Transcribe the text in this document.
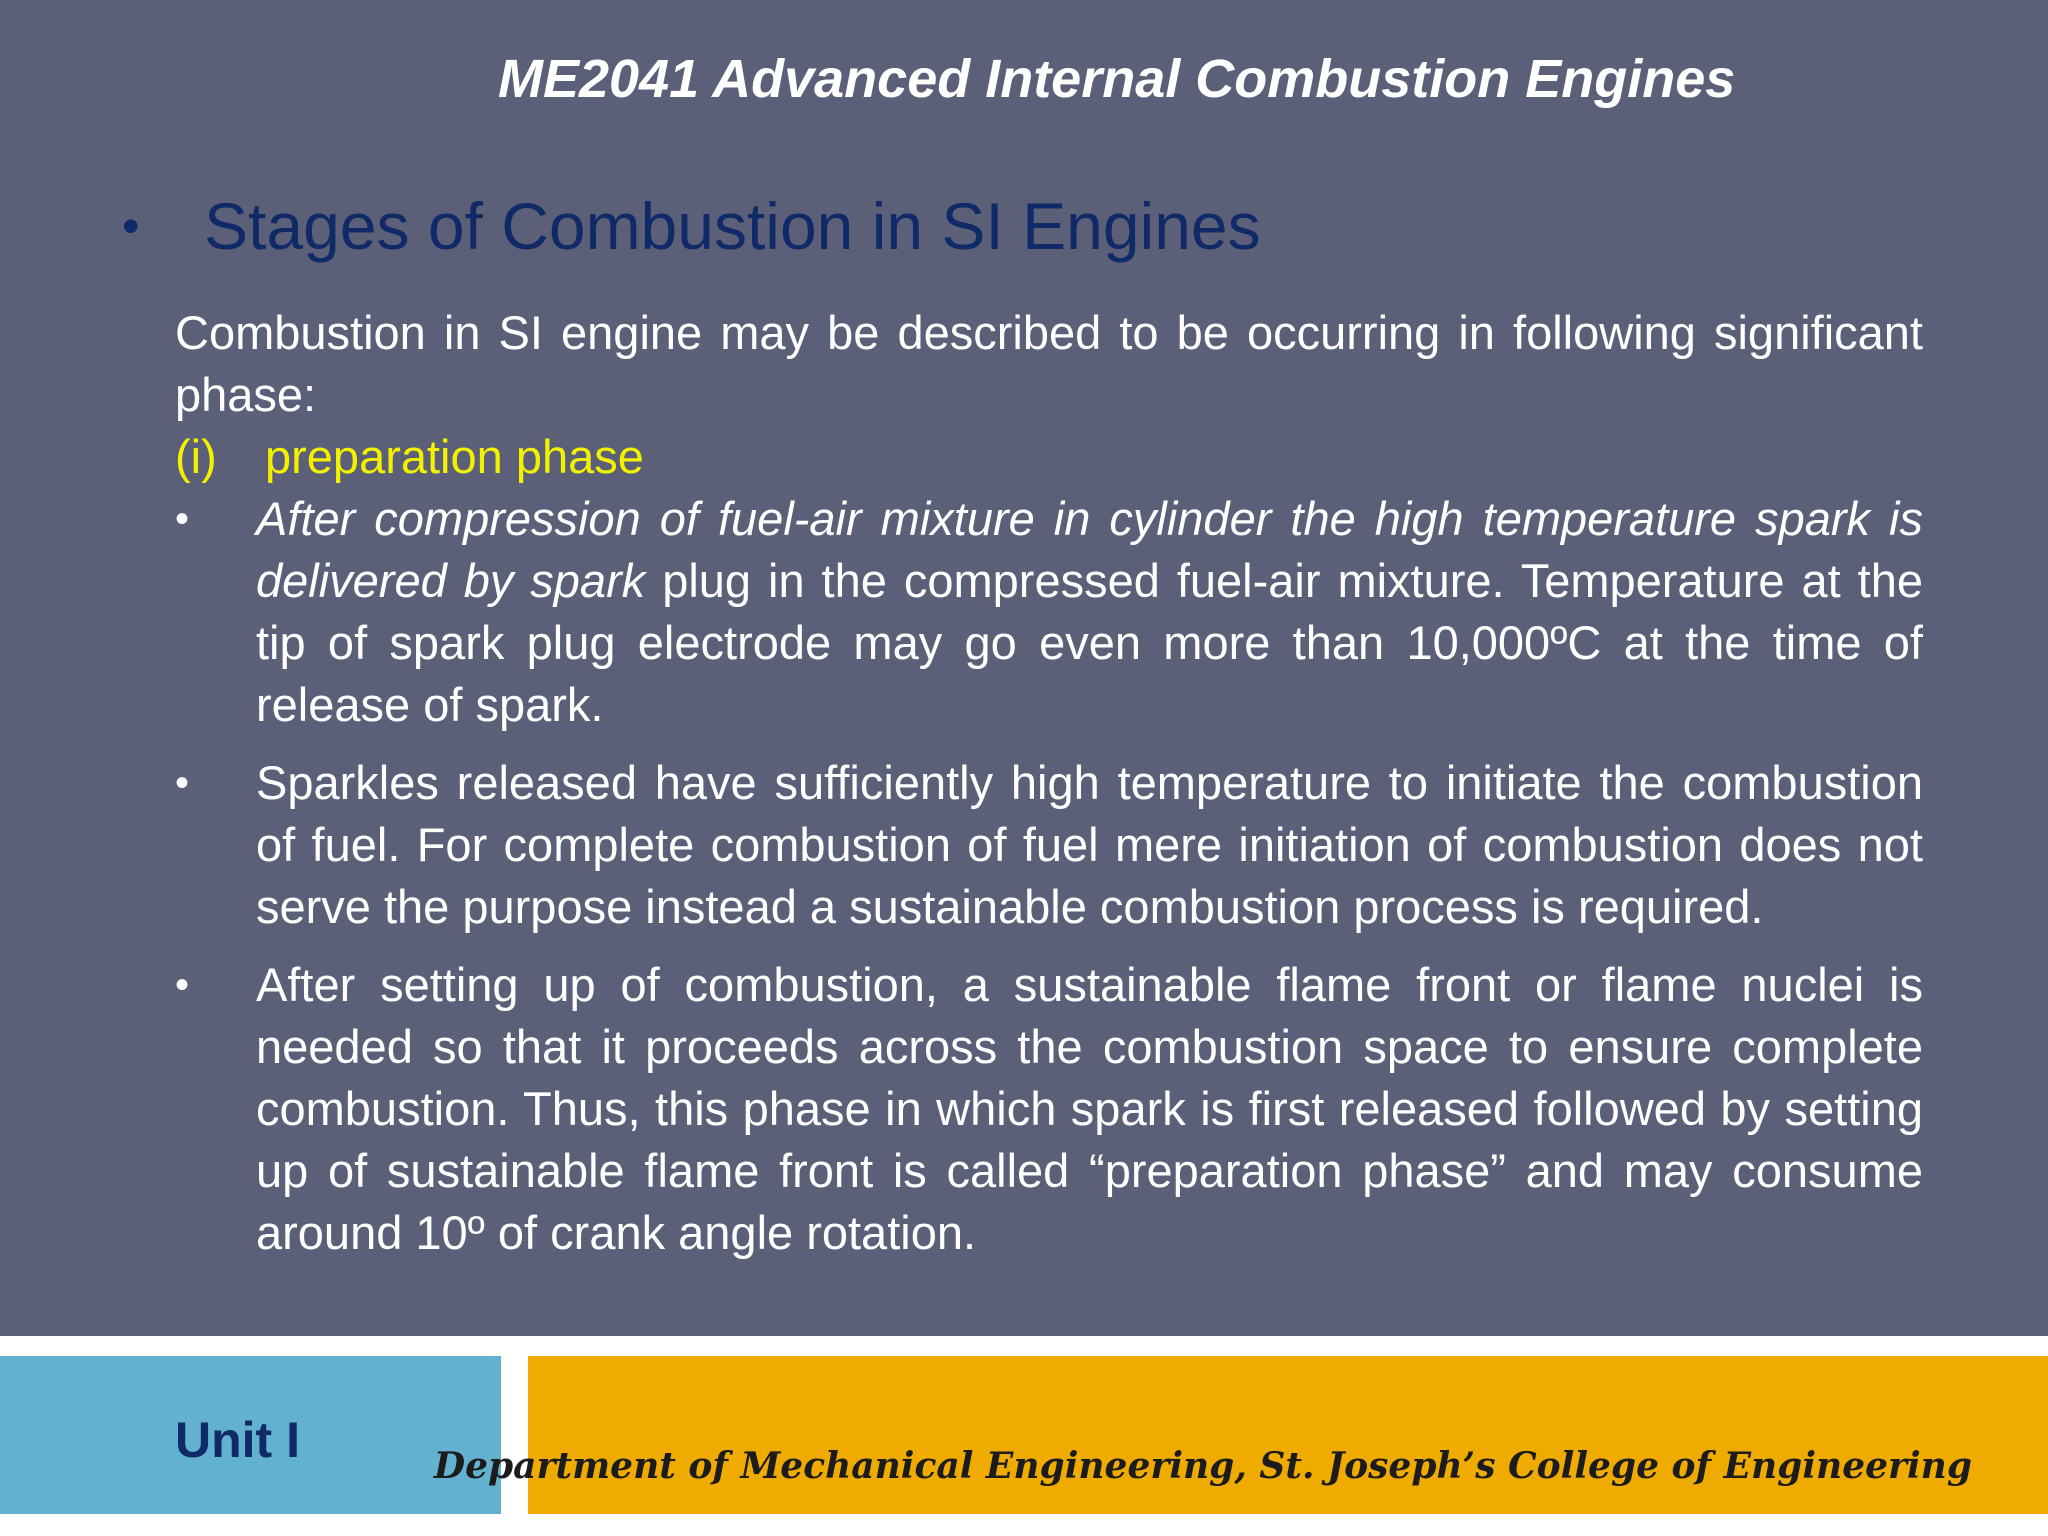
ME2041 Advanced Internal Combustion Engines
• Stages of Combustion in SI Engines

Combustion in SI engine may be described to be occurring in following significant phase:

(i) preparation phase

•	After compression of fuel-air mixture in cylinder the high temperature spark is delivered by spark plug in the compressed fuel-air mixture. Temperature at the tip of spark plug electrode may go even more than 10,000ºC at the time of release of spark.
•	Sparkles released have sufficiently high temperature to initiate the combustion of fuel. For complete combustion of fuel mere initiation of combustion does not serve the purpose instead a sustainable combustion process is required.
•	After setting up of combustion, a sustainable flame front or flame nuclei is needed so that it proceeds across the combustion space to ensure complete combustion. Thus, this phase in which spark is first released followed by setting up of sustainable flame front is called “preparation phase” and may consume around 10º of crank angle rotation.
Unit I	Department of Mechanical Engineering, St. Joseph’s College of Engineering
